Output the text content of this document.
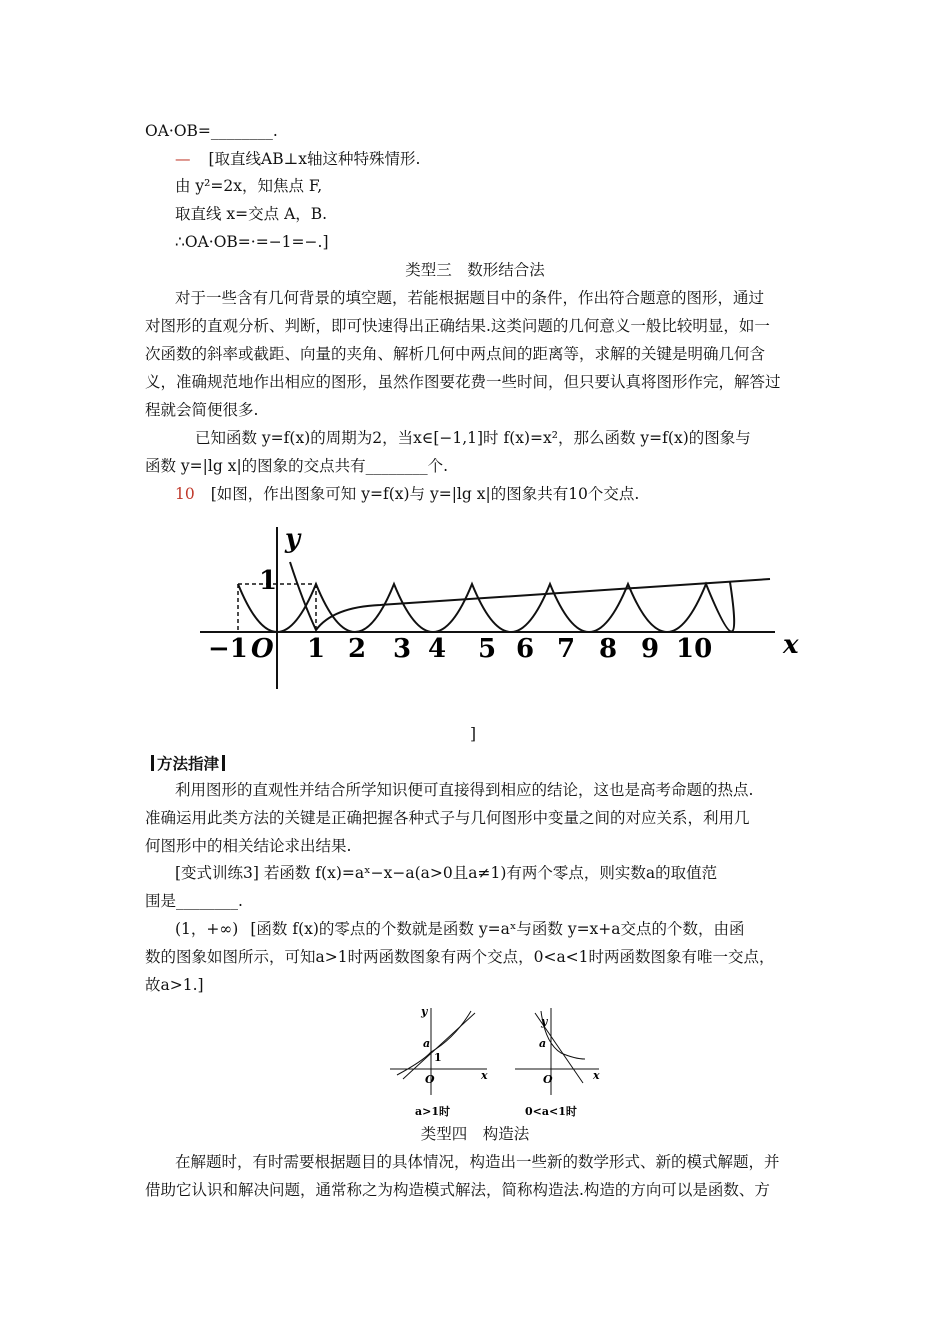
OA·OB=________.
— [取直线AB⊥x轴这种特殊情形.
由 y²=2x，知焦点 F,
取直线 x=交点 A，B.
∴OA·OB=·=−1=−.]
类型三　数形结合法
对于一些含有几何背景的填空题，若能根据题目中的条件，作出符合题意的图形，通过
对图形的直观分析、判断，即可快速得出正确结果.这类问题的几何意义一般比较明显，如一
次函数的斜率或截距、向量的夹角、解析几何中两点间的距离等，求解的关键是明确几何含
义，准确规范地作出相应的图形，虽然作图要花费一些时间，但只要认真将图形作完，解答过
程就会简便很多.
已知函数 y=f(x)的周期为2，当x∈[−1,1]时 f(x)=x²，那么函数 y=f(x)的图象与
函数 y=|lg x|的图象的交点共有________个.
10 [如图，作出图象可知 y=f(x)与 y=|lg x|的图象共有10个交点.
y
1
x
−1 O 1 2 3 4 5 6 7 8 9 10
]
方法指津
利用图形的直观性并结合所学知识便可直接得到相应的结论，这也是高考命题的热点.
准确运用此类方法的关键是正确把握各种式子与几何图形中变量之间的对应关系，利用几
何图形中的相关结论求出结果.
[变式训练3] 若函数 f(x)=aˣ−x−a(a>0且a≠1)有两个零点，则实数a的取值范
围是________.
(1，+∞) [函数 f(x)的零点的个数就是函数 y=aˣ与函数 y=x+a交点的个数，由函
数的图象如图所示，可知a>1时两函数图象有两个交点，0<a<1时两函数图象有唯一交点，
故a>1.]
y
a
1
O	x
a>1时
y
a
O	x
0<a<1时
类型四　构造法
在解题时，有时需要根据题目的具体情况，构造出一些新的数学形式、新的模式解题，并
借助它认识和解决问题，通常称之为构造模式解法，简称构造法.构造的方向可以是函数、方
